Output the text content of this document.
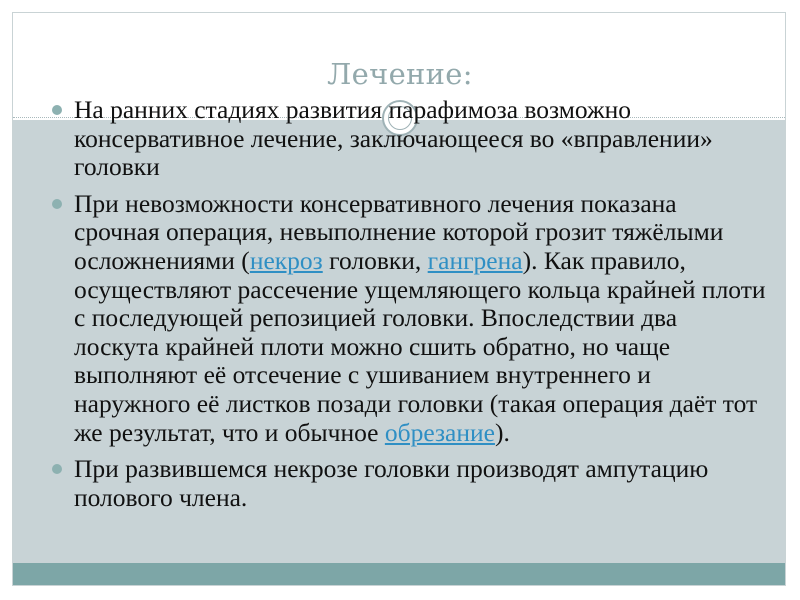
Лечение:
На ранних стадиях развития парафимоза возможно консервативное лечение, заключающееся во «вправлении» головки
При невозможности консервативного лечения показана срочная операция, невыполнение которой грозит тяжёлыми осложнениями (некроз головки, гангрена). Как правило, осуществляют рассечение ущемляющего кольца крайней плоти с последующей репозицией головки. Впоследствии два лоскута крайней плоти можно сшить обратно, но чаще выполняют её отсечение с ушиванием внутреннего и наружного её листков позади головки (такая операция даёт тот же результат, что и обычное обрезание).
При развившемся некрозе головки производят ампутацию полового члена.
